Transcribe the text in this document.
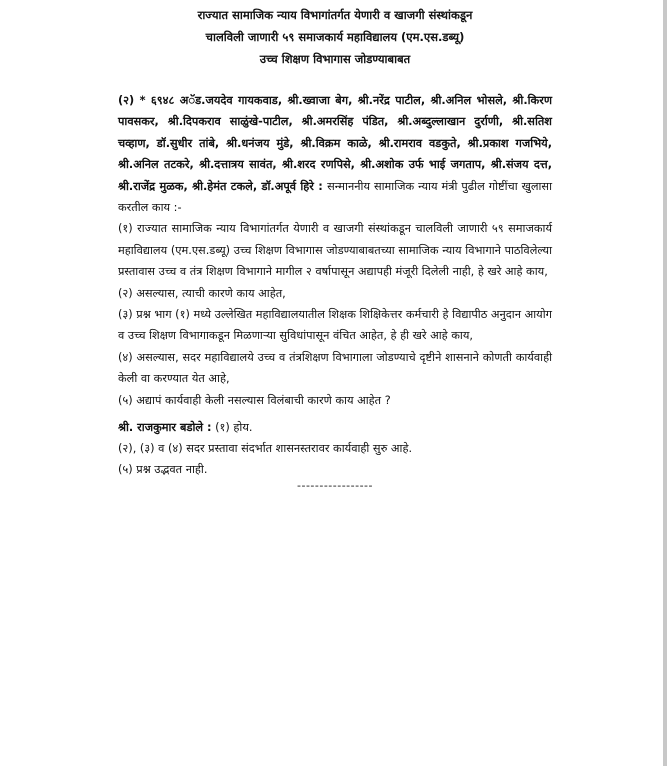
राज्यात सामाजिक न्याय विभागांतर्गत येणारी व खाजगी संस्थांकडून

चालविली जाणारी ५९ समाजकार्य महाविद्यालय (एम.एस.डब्यू)

उच्च शिक्षण विभागास जोडण्याबाबत

(२) * ६९४८ अॅड.जयदेव गायकवाड, श्री.ख्वाजा बेग, श्री.नरेंद्र पाटील, श्री.अनिल भोसले, श्री.किरण पावसकर, श्री.दिपकराव साळुंखे-पाटील, श्री.अमरसिंह पंडित, श्री.अब्दुल्लाखान दुर्राणी, श्री.सतिश चव्हाण, डॉ.सुधीर तांबे, श्री.धनंजय मुंडे, श्री.विक्रम काळे, श्री.रामराव वडकुते, श्री.प्रकाश गजभिये, श्री.अनिल तटकरे, श्री.दत्तात्रय सावंत, श्री.शरद रणपिसे, श्री.अशोक उर्फ भाई जगताप, श्री.संजय दत्त, श्री.राजेंद्र मुळक, श्री.हेमंत टकले, डॉ.अपूर्व हिरे : सन्माननीय सामाजिक न्याय मंत्री पुढील गोष्टींचा खुलासा करतील काय :-

(१) राज्यात सामाजिक न्याय विभागांतर्गत येणारी व खाजगी संस्थांकडून चालविली जाणारी ५९ समाजकार्य महाविद्यालय (एम.एस.डब्यू) उच्च शिक्षण विभागास जोडण्याबाबतच्या सामाजिक न्याय विभागाने पाठविलेल्या प्रस्तावास उच्च व तंत्र शिक्षण विभागाने मागील २ वर्षापासून अद्यापही मंजूरी दिलेली नाही, हे खरे आहे काय,

(२) असल्यास, त्याची कारणे काय आहेत,

(३) प्रश्न भाग (१) मध्ये उल्लेखित महाविद्यालयातील शिक्षक शिक्षिकेत्तर कर्मचारी हे विद्यापीठ अनुदान आयोग व उच्च शिक्षण विभागाकडून मिळणाऱ्या सुविधांपासून वंचित आहेत, हे ही खरे आहे काय,

(४) असल्यास, सदर महाविद्यालये उच्च व तंत्रशिक्षण विभागाला जोडण्याचे दृष्टीने शासनाने कोणती कार्यवाही केली वा करण्यात येत आहे,

(५) अद्यापं कार्यवाही केली नसल्यास विलंबाची कारणे काय आहेत ?

श्री. राजकुमार बडोले : (१) होय.

(२), (३) व (४) सदर प्रस्तावा संदर्भात शासनस्तरावर कार्यवाही सुरु आहे.

(५) प्रश्न उद्भवत नाही.

-----------------
